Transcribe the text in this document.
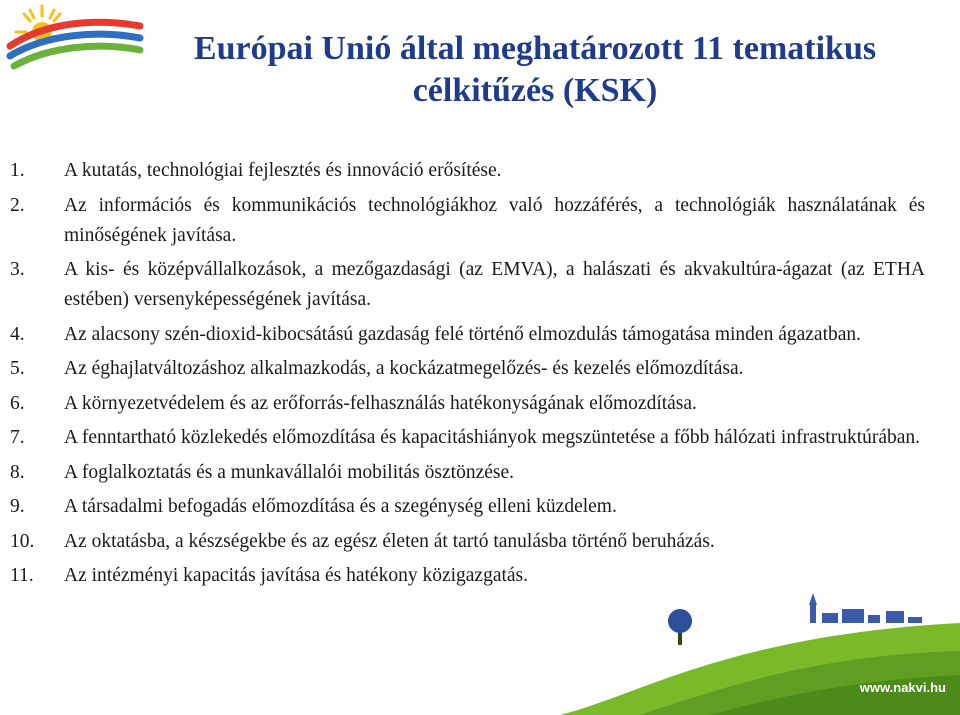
Európai Unió által meghatározott 11 tematikus
célkitűzés (KSK)
1.	A kutatás, technológiai fejlesztés és innováció erősítése.
2.	Az információs és kommunikációs technológiákhoz való hozzáférés, a technológiák használatának és minőségének javítása.
3.	A kis- és középvállalkozások, a mezőgazdasági (az EMVA), a halászati és akvakultúra-ágazat (az ETHA estében) versenyképességének javítása.
4.	Az alacsony szén-dioxid-kibocsátású gazdaság felé történő elmozdulás támogatása minden ágazatban.
5.	Az éghajlatváltozáshoz alkalmazkodás, a kockázatmegelőzés- és kezelés előmozdítása.
6.	A környezetvédelem és az erőforrás-felhasználás hatékonyságának előmozdítása.
7.	A fenntartható közlekedés előmozdítása és kapacitáshiányok megszüntetése a főbb hálózati infrastruktúrában.
8.	A foglalkoztatás és a munkavállalói mobilitás ösztönzése.
9.	A társadalmi befogadás előmozdítása és a szegénység elleni küzdelem.
10.	Az oktatásba, a készségekbe és az egész életen át tartó tanulásba történő beruházás.
11.	Az intézményi kapacitás javítása és hatékony közigazgatás.
www.nakvi.hu
